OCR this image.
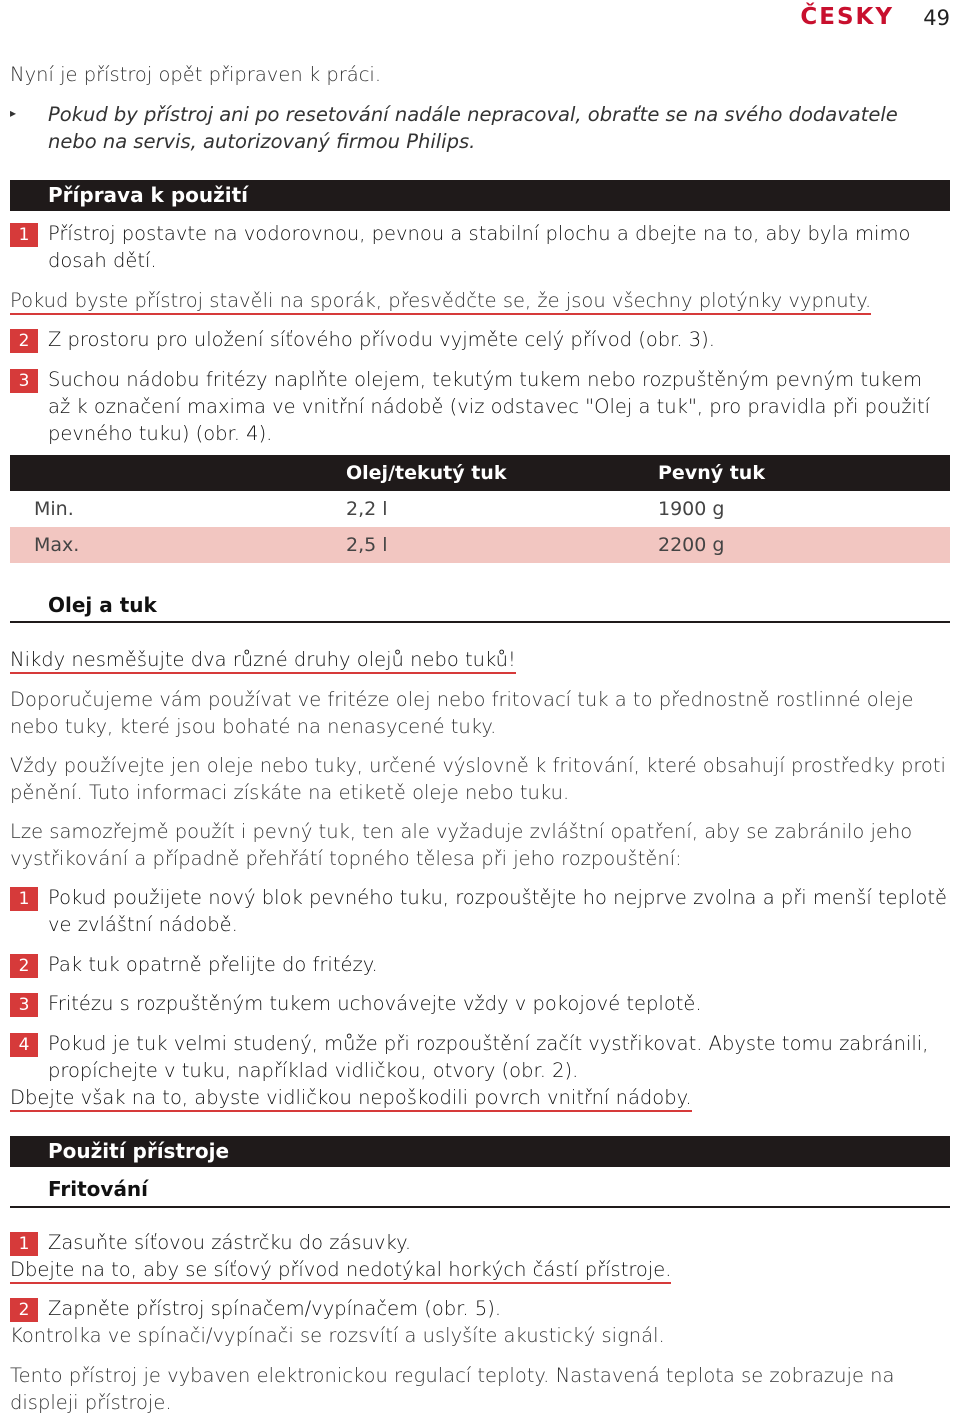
ČESKY 49
Nyní je přístroj opět připraven k práci.
▸ Pokud by přístroj ani po resetování nadále nepracoval, obraťte se na svého dodavatele nebo na servis, autorizovaný firmou Philips.
Příprava k použití
1 Přístroj postavte na vodorovnou, pevnou a stabilní plochu a dbejte na to, aby byla mimo dosah dětí.
Pokud byste přístroj stavěli na sporák, přesvědčte se, že jsou všechny plotýnky vypnuty.
2 Z prostoru pro uložení síťového přívodu vyjměte celý přívod (obr. 3).
3 Suchou nádobu fritézy naplňte olejem, tekutým tukem nebo rozpuštěným pevným tukem až k označení maxima ve vnitřní nádobě (viz odstavec "Olej a tuk", pro pravidla při použití pevného tuku) (obr. 4).
	Olej/tekutý tuk	Pevný tuk
Min.	2,2 l	1900 g
Max.	2,5 l	2200 g
Olej a tuk
Nikdy nesměšujte dva různé druhy olejů nebo tuků!
Doporučujeme vám používat ve fritéze olej nebo fritovací tuk a to přednostně rostlinné oleje nebo tuky, které jsou bohaté na nenasycené tuky.
Vždy používejte jen oleje nebo tuky, určené výslovně k fritování, které obsahují prostředky proti pěnění. Tuto informaci získáte na etiketě oleje nebo tuku.
Lze samozřejmě použít i pevný tuk, ten ale vyžaduje zvláštní opatření, aby se zabránilo jeho vystřikování a případně přehřátí topného tělesa při jeho rozpouštění:
1 Pokud použijete nový blok pevného tuku, rozpouštějte ho nejprve zvolna a při menší teplotě ve zvláštní nádobě.
2 Pak tuk opatrně přelijte do fritézy.
3 Fritézu s rozpuštěným tukem uchovávejte vždy v pokojové teplotě.
4 Pokud je tuk velmi studený, může při rozpouštění začít vystřikovat. Abyste tomu zabránili, propíchejte v tuku, například vidličkou, otvory (obr. 2).
Dbejte však na to, abyste vidličkou nepoškodili povrch vnitřní nádoby.
Použití přístroje
Fritování
1 Zasuňte síťovou zástrčku do zásuvky.
Dbejte na to, aby se síťový přívod nedotýkal horkých částí přístroje.
2 Zapněte přístroj spínačem/vypínačem (obr. 5).
Kontrolka ve spínači/vypínači se rozsvítí a uslyšíte akustický signál.
Tento přístroj je vybaven elektronickou regulací teploty. Nastavená teplota se zobrazuje na displeji přístroje.
